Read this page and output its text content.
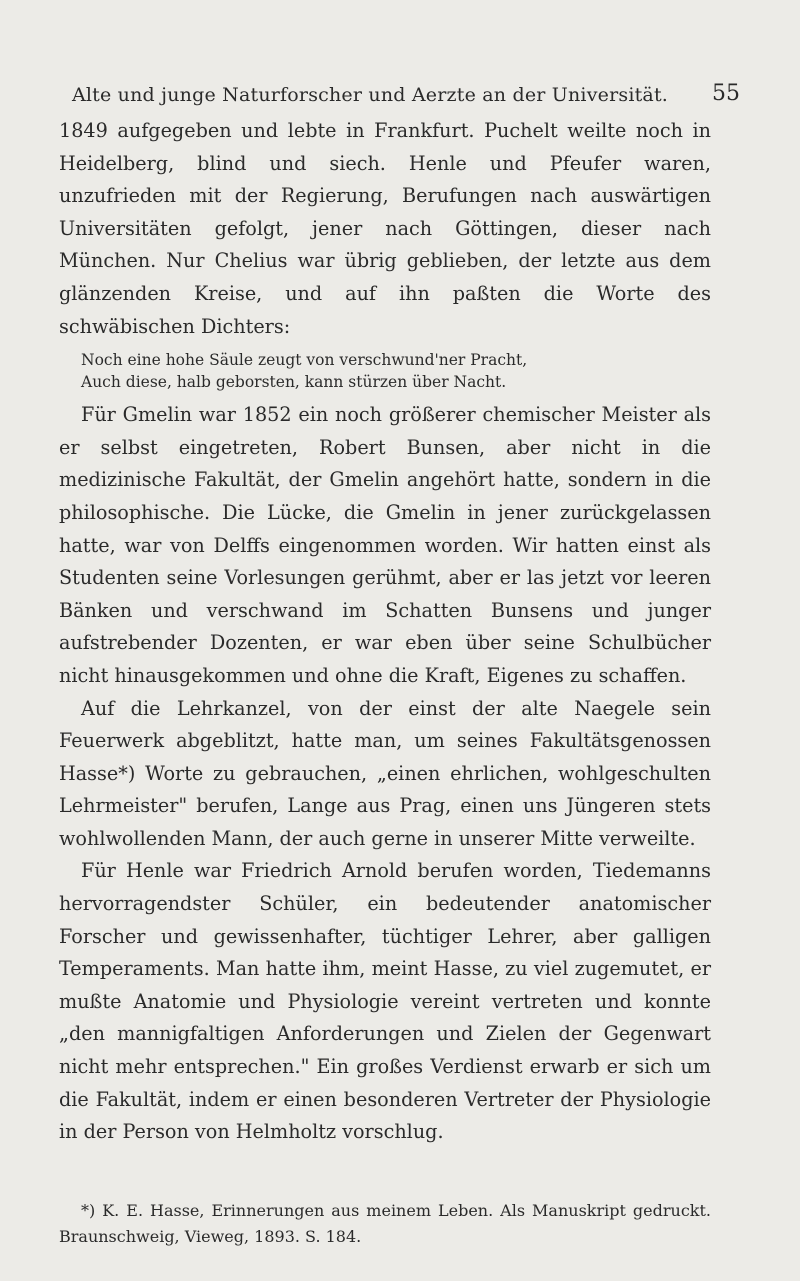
Alte und junge Naturforscher und Aerzte an der Universität.	55

1849 aufgegeben und lebte in Frankfurt. Puchelt weilte noch in Heidelberg, blind und siech. Henle und Pfeufer waren, unzufrieden mit der Regierung, Berufungen nach auswärtigen Universitäten gefolgt, jener nach Göttingen, dieser nach München. Nur Chelius war übrig geblieben, der letzte aus dem glänzenden Kreise, und auf ihn paßten die Worte des schwäbischen Dichters:

Noch eine hohe Säule zeugt von verschwund'ner Pracht,
Auch diese, halb geborsten, kann stürzen über Nacht.

Für Gmelin war 1852 ein noch größerer chemischer Meister als er selbst eingetreten, Robert Bunsen, aber nicht in die medizinische Fakultät, der Gmelin angehört hatte, sondern in die philosophische. Die Lücke, die Gmelin in jener zurückgelassen hatte, war von Delffs eingenommen worden. Wir hatten einst als Studenten seine Vorlesungen gerühmt, aber er las jetzt vor leeren Bänken und verschwand im Schatten Bunsens und junger aufstrebender Dozenten, er war eben über seine Schulbücher nicht hinausgekommen und ohne die Kraft, Eigenes zu schaffen.

Auf die Lehrkanzel, von der einst der alte Naegele sein Feuerwerk abgeblitzt, hatte man, um seines Fakultätsgenossen Hasse*) Worte zu gebrauchen, „einen ehrlichen, wohlgeschulten Lehrmeister" berufen, Lange aus Prag, einen uns Jüngeren stets wohlwollenden Mann, der auch gerne in unserer Mitte verweilte.

Für Henle war Friedrich Arnold berufen worden, Tiedemanns hervorragendster Schüler, ein bedeutender anatomischer Forscher und gewissenhafter, tüchtiger Lehrer, aber galligen Temperaments. Man hatte ihm, meint Hasse, zu viel zugemutet, er mußte Anatomie und Physiologie vereint vertreten und konnte „den mannigfaltigen Anforderungen und Zielen der Gegenwart nicht mehr entsprechen." Ein großes Verdienst erwarb er sich um die Fakultät, indem er einen besonderen Vertreter der Physiologie in der Person von Helmholtz vorschlug.

*) K. E. Hasse, Erinnerungen aus meinem Leben. Als Manuskript gedruckt. Braunschweig, Vieweg, 1893. S. 184.
